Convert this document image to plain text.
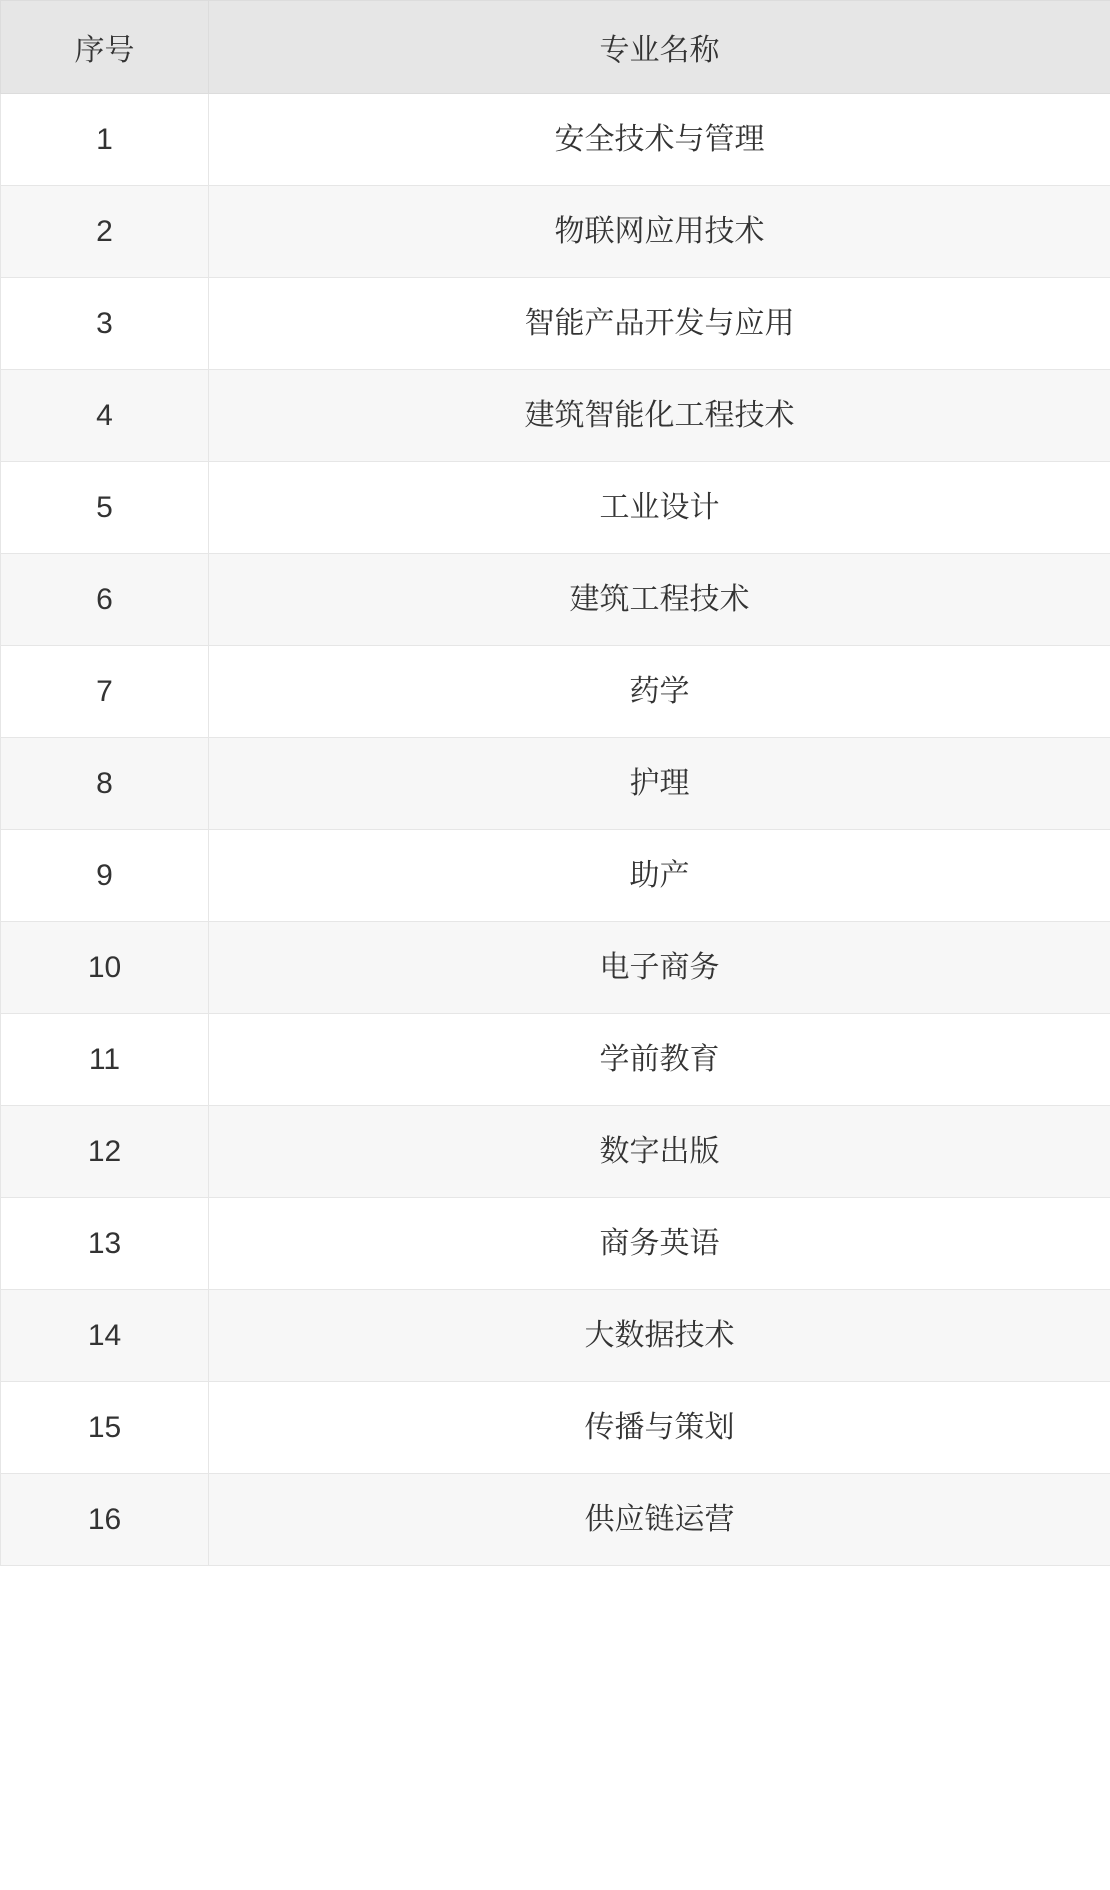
序号	专业名称
1	安全技术与管理
2	物联网应用技术
3	智能产品开发与应用
4	建筑智能化工程技术
5	工业设计
6	建筑工程技术
7	药学
8	护理
9	助产
10	电子商务
11	学前教育
12	数字出版
13	商务英语
14	大数据技术
15	传播与策划
16	供应链运营
